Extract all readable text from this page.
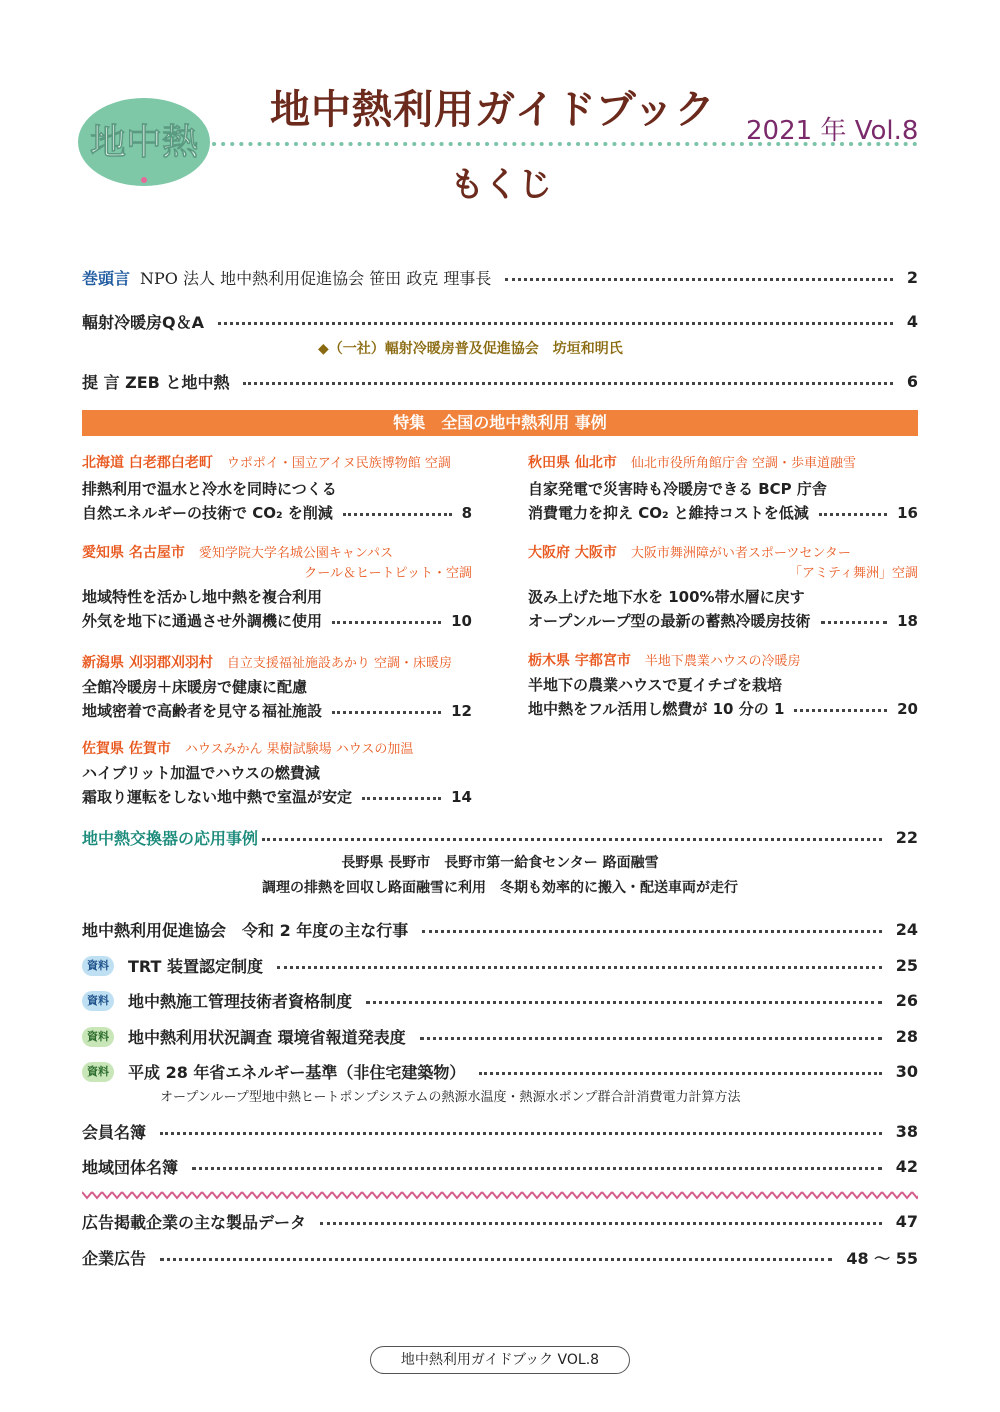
地中熱
地中熱利用ガイドブック 2021 年 Vol.8
もくじ
巻頭言 NPO 法人 地中熱利用促進協会 笹田 政克 理事長	2
輻射冷暖房Q＆A	4
◆（一社）輻射冷暖房普及促進協会　坊垣和明氏
提 言 ZEB と地中熱	6
特集　全国の地中熱利用 事例
北海道 白老郡白老町 ウポポイ・国立アイヌ民族博物館 空調
排熱利用で温水と冷水を同時につくる
自然エネルギーの技術で CO₂ を削減	8
愛知県 名古屋市 愛知学院大学名城公園キャンパス
クール＆ヒートピット・空調
地域特性を活かし地中熱を複合利用
外気を地下に通過させ外調機に使用	10
新潟県 刈羽郡刈羽村 自立支援福祉施設あかり 空調・床暖房
全館冷暖房＋床暖房で健康に配慮
地域密着で高齢者を見守る福祉施設	12
佐賀県 佐賀市 ハウスみかん 果樹試験場 ハウスの加温
ハイブリット加温でハウスの燃費減
霜取り運転をしない地中熱で室温が安定	14
秋田県 仙北市 仙北市役所角館庁舎 空調・歩車道融雪
自家発電で災害時も冷暖房できる BCP 庁舎
消費電力を抑え CO₂ と維持コストを低減	16
大阪府 大阪市 大阪市舞洲障がい者スポーツセンター
「アミティ舞洲」空調
汲み上げた地下水を 100%帯水層に戻す
オープンループ型の最新の蓄熱冷暖房技術	18
栃木県 宇都宮市 半地下農業ハウスの冷暖房
半地下の農業ハウスで夏イチゴを栽培
地中熱をフル活用し燃費が 10 分の 1	20
地中熱交換器の応用事例	22
長野県 長野市　長野市第一給食センター 路面融雪
調理の排熱を回収し路面融雪に利用　冬期も効率的に搬入・配送車両が走行
地中熱利用促進協会　令和 2 年度の主な行事	24
資料	TRT 装置認定制度	25
資料	地中熱施工管理技術者資格制度	26
資料	地中熱利用状況調査 環境省報道発表度	28
資料	平成 28 年省エネルギー基準（非住宅建築物）	30
オープンループ型地中熱ヒートポンプシステムの熱源水温度・熱源水ポンプ群合計消費電力計算方法
会員名簿	38
地域団体名簿	42
広告掲載企業の主な製品データ	47
企業広告	48 〜 55
地中熱利用ガイドブック VOL.8
